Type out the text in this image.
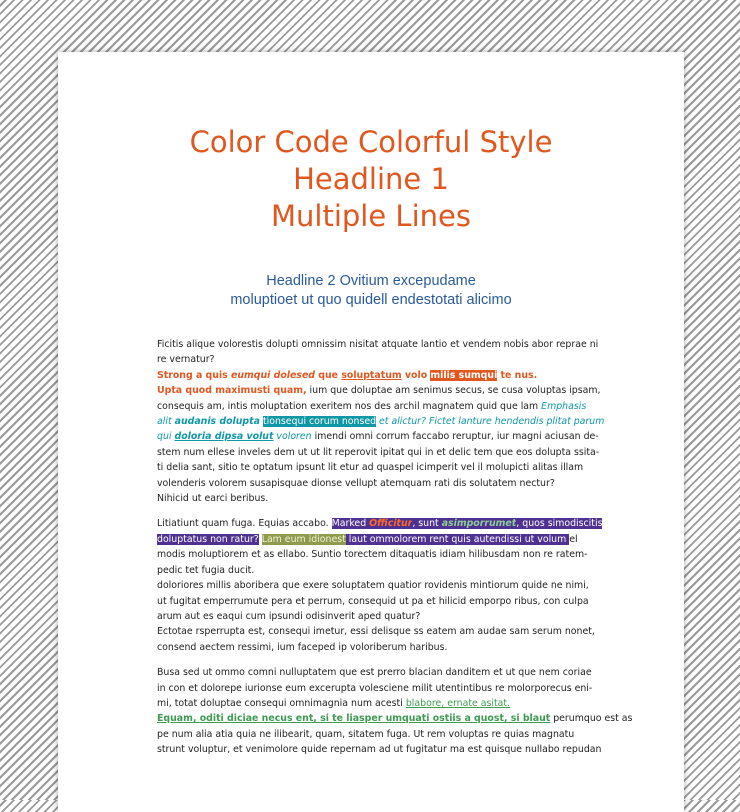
Color Code Colorful Style
Headline 1
Multiple Lines
Headline 2 Ovitium excepudame
moluptioet ut quo quidell endestotati alicimo
Ficitis alique volorestis dolupti omnissim nisitat atquate lantio et vendem nobis abor reprae ni
re vernatur?
Strong a quis eumqui dolesed que soluptatum volo milis sumqui te nus.
Upta quod maximusti quam, ium que doluptae am senimus secus, se cusa voluptas ipsam,
consequis am, intis moluptation exeritem nos des archil magnatem quid que lam Emphasis
alit audanis dolupta tionsequi corum nonsed et alictur? Fictet lanture hendendis plitat parum
qui doloria dipsa volut voloren imendi omni corrum faccabo reruptur, iur magni aciusan de-
stem num ellese inveles dem ut ut lit reperovit ipitat qui in et delic tem que eos dolupta ssita-
ti delia sant, sitio te optatum ipsunt lit etur ad quaspel icimperit vel il molupicti alitas illam
volenderis volorem susapisquae dionse vellupt atemquam rati dis solutatem nectur?
Nihicid ut earci beribus.
Litiatiunt quam fuga. Equias accabo. Marked Officitur, sunt asimporrumet, quos simodiscitis
doluptatus non ratur? Lam eum idionest laut ommolorem rent quis autendissi ut volum el
modis moluptiorem et as ellabo. Suntio torectem ditaquatis idiam hilibusdam non re ratem-
pedic tet fugia ducit.
doloriores millis aboribera que exere soluptatem quatior rovidenis mintiorum quide ne nimi,
ut fugitat emperrumute pera et perrum, consequid ut pa et hilicid emporpo ribus, con culpa
arum aut es eaqui cum ipsundi odisinverit aped quatur?
Ectotae rsperrupta est, consequi imetur, essi delisque ss eatem am audae sam serum nonet,
consend aectem ressimi, ium faceped ip voloriberum haribus.
Busa sed ut ommo comni nulluptatem que est prerro blacian danditem et ut que nem coriae
in con et dolorepe iurionse eum excerupta volesciene milit utentintibus re molorporecus eni-
mi, totat doluptae consequi omnimagnia num acesti blabore, ernate asitat.
Equam, oditi diciae necus ent, si te liasper umquati ostiis a quost, si blaut perumquo est as
pe num alia atia quia ne ilibearit, quam, sitatem fuga. Ut rem voluptas re quias magnatu
strunt voluptur, et venimolore quide repernam ad ut fugitatur ma est quisque nullabo repudan
